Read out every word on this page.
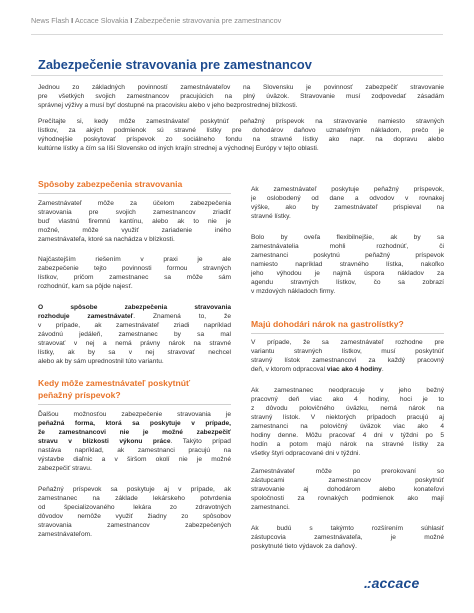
News Flash I Accace Slovakia I Zabezpečenie stravovania pre zamestnancov
Zabezpečenie stravovania pre zamestnancov
Jednou zo základných povinností zamestnávateľov na Slovensku je povinnosť zabezpečiť stravovanie
pre všetkých svojich zamestnancov pracujúcich na plný úväzok. Stravovanie musí zodpovedať zásadám
správnej výživy a musí byť dostupné na pracovisku alebo v jeho bezprostrednej blízkosti.
Prečítajte si, kedy môže zamestnávateľ poskytnúť peňažný príspevok na stravovanie namiesto stravných
lístkov, za akých podmienok sú stravné lístky pre dohodárov daňovo uznateľným nákladom, prečo je
výhodnejšie poskytovať príspevok zo sociálneho fondu na stravné lístky ako napr. na dopravu alebo
kultúrne lístky a čím sa líši Slovensko od iných krajín strednej a východnej Európy v tejto oblasti.
Spôsoby zabezpečenia stravovania
Zamestnávateľ môže za účelom zabezpečenia
stravovania pre svojich zamestnancov zriadiť
buď vlastnú firemnú kantínu, alebo ak to nie je
možné, môže využiť zariadenie iného
zamestnávateľa, ktoré sa nachádza v blízkosti.
Najčastejším riešením v praxi je ale
zabezpečenie tejto povinnosti formou stravných
lístkov, pričom zamestnanec sa môže sám
rozhodnúť, kam sa pôjde najesť.
O spôsobe zabezpečenia stravovania
rozhoduje zamestnávateľ. Znamená to, že
v prípade, ak zamestnávateľ zriadi napríklad
závodnú jedáleň, zamestnanec by sa mal
stravovať v nej a nemá právny nárok na stravné
lístky, ak by sa v nej stravovať nechcel
alebo ak by sám uprednostnil túto variantu.
Kedy môže zamestnávateľ poskytnúť
peňažný príspevok?
Ďalšou možnosťou zabezpečenie stravovania je
peňažná forma, ktorá sa poskytuje v prípade,
že zamestnancovi nie je možné zabezpečiť
stravu v blízkosti výkonu práce. Takýto prípad
nastáva napríklad, ak zamestnanci pracujú na
výstavbe diaľnic a v širšom okolí nie je možné
zabezpečiť stravu.
Peňažný príspevok sa poskytuje aj v prípade, ak
zamestnanec na základe lekárskeho potvrdenia
od špecializovaného lekára zo zdravotných
dôvodov nemôže využiť žiadny zo spôsobov
stravovania zamestnancov zabezpečených
zamestnávateľom.
Ak zamestnávateľ poskytuje peňažný príspevok,
je oslobodený od dane a odvodov v rovnakej
výške, ako by zamestnávateľ prispieval na
stravné lístky.
Bolo by oveľa flexibilnejšie, ak by sa
zamestnávatelia mohli rozhodnúť, či
zamestnanci poskytnú peňažný príspevok
namiesto napríklad stravného lístka, nakoľko
jeho výhodou je najmä úspora nákladov za
agendu stravných lístkov, čo sa zobrazí
v mzdových nákladoch firmy.
Majú dohodári nárok na gastrolístky?
V prípade, že sa zamestnávateľ rozhodne pre
variantu stravných lístkov, musí poskytnúť
stravný lístok zamestnancovi za každý pracovný
deň, v ktorom odpracoval viac ako 4 hodiny.
Ak zamestnanec neodpracuje v jeho bežný
pracovný deň viac ako 4 hodiny, hoci je to
z dôvodu polovičného úväzku, nemá nárok na
stravný lístok. V niektorých prípadoch pracujú aj
zamestnanci na polovičný úväzok viac ako 4
hodiny denne. Môžu pracovať 4 dni v týždni po 5
hodín a potom majú nárok na stravné lístky za
všetky štyri odpracované dni v týždni.
Zamestnávateľ môže po prerokovaní so
zástupcami zamestnancov poskytnúť
stravovanie aj dohodárom alebo konateľovi
spoločnosti za rovnakých podmienok ako mají
zamestnanci.
Ak budú s takýmto rozšírením súhlasiť
zástupcovia zamestnávateľa, je možné
poskytnuté tieto výdavok za daňový.
.:accace
